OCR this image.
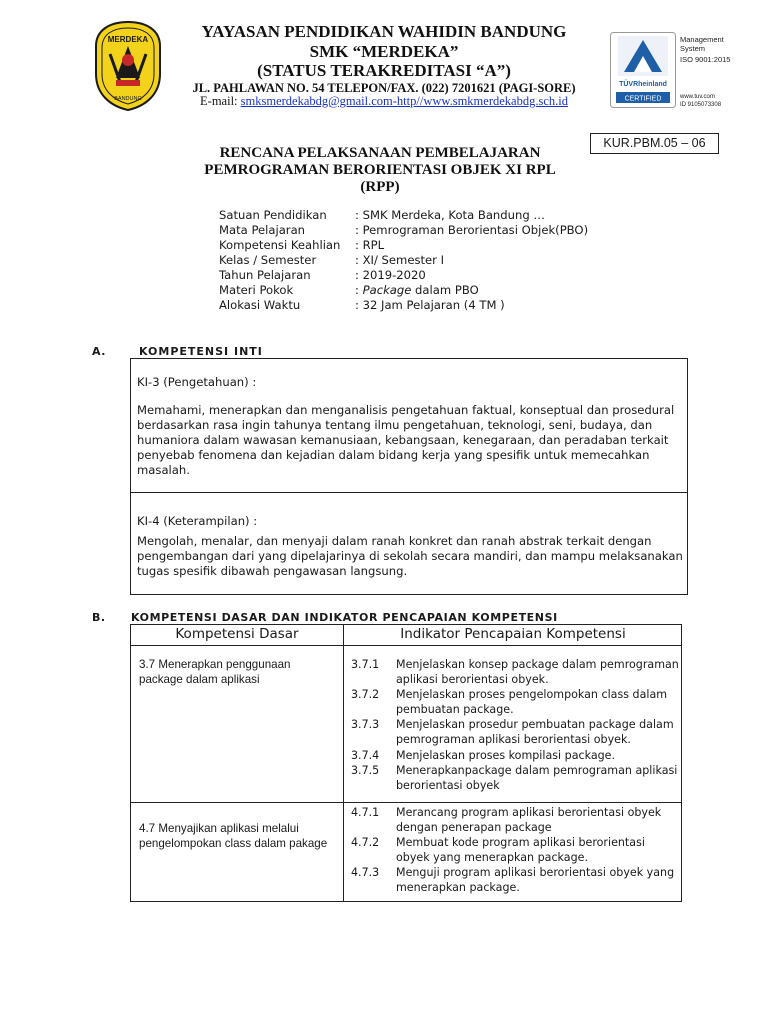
MERDEKA
BANDUNG
YAYASAN PENDIDIKAN WAHIDIN BANDUNG
SMK “MERDEKA”
(STATUS TERAKREDITASI “A”)
JL. PAHLAWAN NO. 54 TELEPON/FAX. (022) 7201621 (PAGI-SORE)
E-mail: smksmerdekabdg@gmail.com-http//www.smkmerdekabdg.sch.id
TÜVRheinland
CERTIFIED
Management
System
ISO 9001:2015
www.tuv.com
ID 9105073308
KUR.PBM.05 – 06
RENCANA PELAKSANAAN PEMBELAJARAN
PEMROGRAMAN BERORIENTASI OBJEK XI RPL
(RPP)
Satuan Pendidikan	: SMK Merdeka, Kota Bandung …
Mata Pelajaran	: Pemrograman Berorientasi Objek(PBO)
Kompetensi Keahlian	: RPL
Kelas / Semester	: XI/ Semester I
Tahun Pelajaran	: 2019-2020
Materi Pokok	: Package dalam PBO
Alokasi Waktu	: 32 Jam Pelajaran (4 TM )
A.	KOMPETENSI INTI
KI-3 (Pengetahuan) :
Memahami, menerapkan dan menganalisis pengetahuan faktual, konseptual dan prosedural berdasarkan rasa ingin tahunya tentang ilmu pengetahuan, teknologi, seni, budaya, dan humaniora dalam wawasan kemanusiaan, kebangsaan, kenegaraan, dan peradaban terkait penyebab fenomena dan kejadian dalam bidang kerja yang spesifik untuk memecahkan masalah.
KI-4 (Keterampilan) :
Mengolah, menalar, dan menyaji dalam ranah konkret dan ranah abstrak terkait dengan pengembangan dari yang dipelajarinya di sekolah secara mandiri, dan mampu melaksanakan tugas spesifik dibawah pengawasan langsung.
B. KOMPETENSI DASAR DAN INDIKATOR PENCAPAIAN KOMPETENSI
Kompetensi Dasar	Indikator Pencapaian Kompetensi
3.7 Menerapkan penggunaan package dalam aplikasi
3.7.1	Menjelaskan konsep package dalam pemrograman aplikasi berorientasi obyek.
3.7.2	Menjelaskan proses pengelompokan class dalam pembuatan package.
3.7.3	Menjelaskan prosedur pembuatan package dalam pemrograman aplikasi berorientasi obyek.
3.7.4	Menjelaskan proses kompilasi package.
3.7.5	Menerapkanpackage dalam pemrograman aplikasi berorientasi obyek
4.7 Menyajikan aplikasi melalui pengelompokan class dalam pakage
4.7.1	Merancang program aplikasi berorientasi obyek dengan penerapan package
4.7.2	Membuat kode program aplikasi berorientasi obyek yang menerapkan package.
4.7.3	Menguji program aplikasi berorientasi obyek yang menerapkan package.
